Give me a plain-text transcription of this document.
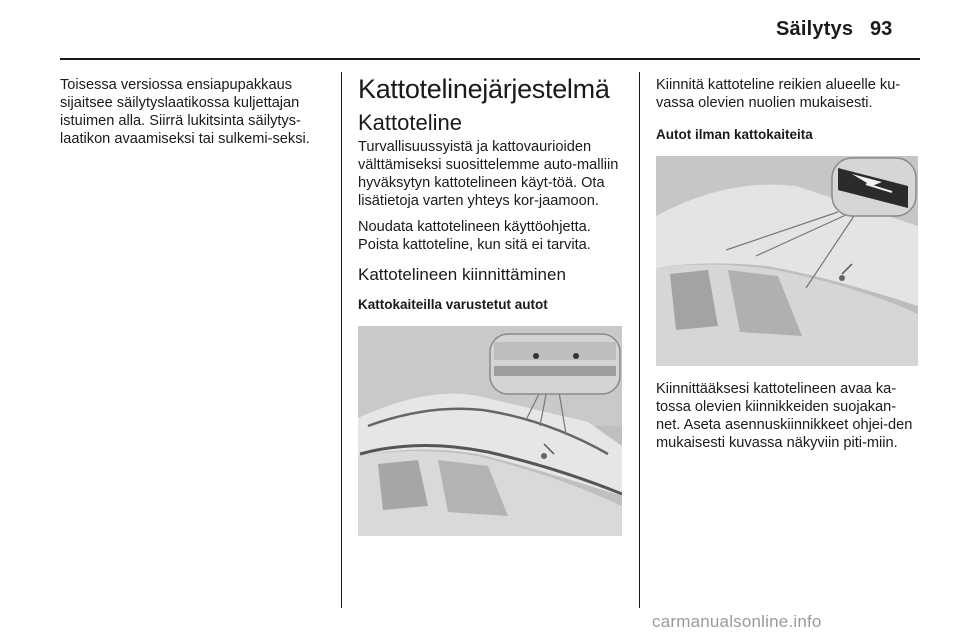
Säilytys 93

Toisessa versiossa ensiapupakkaus sijaitsee säilytyslaatikossa kuljettajan istuimen alla. Siirrä lukitsinta säilytys-laatikon avaamiseksi tai sulkemi-seksi.

Kattotelinejärjestelmä
Kattoteline

Turvallisuussyistä ja kattovaurioiden välttämiseksi suosittelemme auto-malliin hyväksytyn kattotelineen käyt-töä. Ota lisätietoja varten yhteys kor-jaamoon.

Noudata kattotelineen käyttöohjetta. Poista kattoteline, kun sitä ei tarvita.

Kattotelineen kiinnittäminen
Kattokaiteilla varustetut autot

Kiinnitä kattoteline reikien alueelle ku-vassa olevien nuolien mukaisesti.

Autot ilman kattokaiteita

Kiinnittääksesi kattotelineen avaa ka-tossa olevien kiinnikkeiden suojakan-net. Aseta asennuskiinnikkeet ohjei-den mukaisesti kuvassa näkyviin piti-miin.

carmanualsonline.info
